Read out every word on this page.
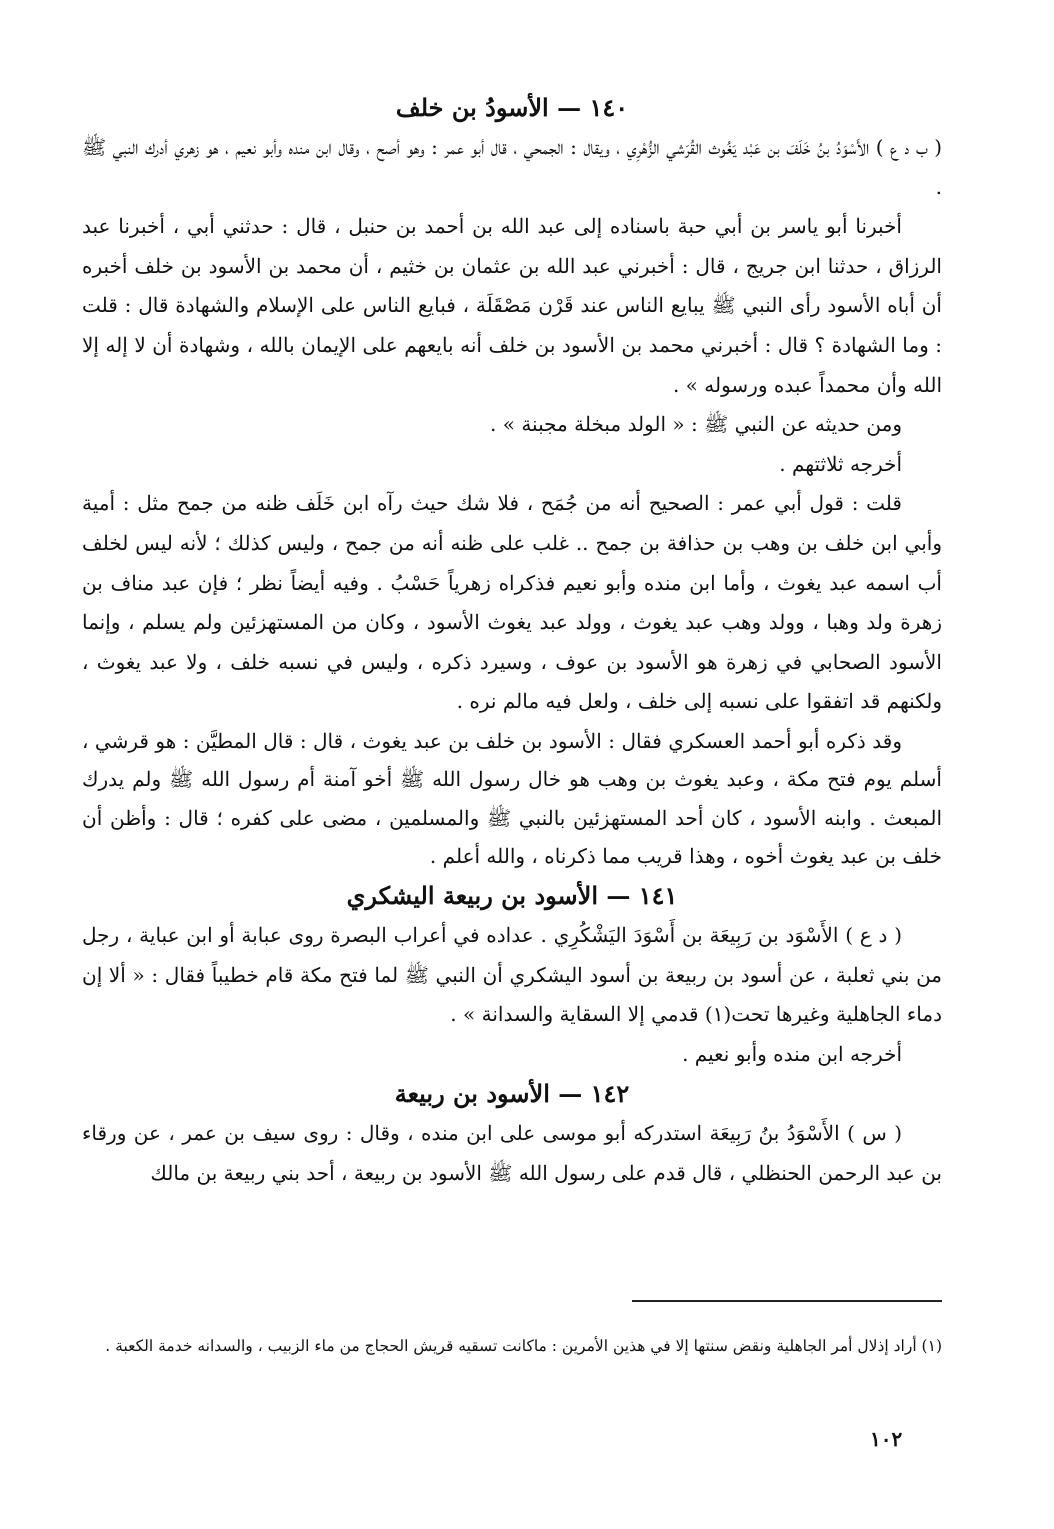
١٤٠ — الأسودُ بن خلف

( ب د ع ) الأَسْوَدُ بنُ خَلَفَ بن عَبْد يَغُوث القُرَشي الزُّهْرِي ، ويقال : الجمحي ، قال أبو عمر : وهو أصح ، وقال ابن منده وأبو نعيم ، هو زهري أدرك النبي ﷺ .

أخبرنا أبو ياسر بن أبي حبة باسناده إلى عبد الله بن أحمد بن حنبل ، قال : حدثني أبي ، أخبرنا عبد الرزاق ، حدثنا ابن جريج ، قال : أخبرني عبد الله بن عثمان بن خثيم ، أن محمد بن الأسود بن خلف أخبره أن أباه الأسود رأى النبي ﷺ يبايع الناس عند قَرْن مَصْقَلَة ، فبايع الناس على الإسلام والشهادة قال : قلت : وما الشهادة ؟ قال : أخبرني محمد بن الأسود بن خلف أنه بايعهم على الإيمان بالله ، وشهادة أن لا إله إلا الله وأن محمداً عبده ورسوله » .

ومن حديثه عن النبي ﷺ : « الولد مبخلة مجبنة » .

أخرجه ثلاثتهم .

قلت : قول أبي عمر : الصحيح أنه من جُمَح ، فلا شك حيث رآه ابن خَلَف ظنه من جمح مثل : أمية وأبي ابن خلف بن وهب بن حذافة بن جمح .. غلب على ظنه أنه من جمح ، وليس كذلك ؛ لأنه ليس لخلف أب اسمه عبد يغوث ، وأما ابن منده وأبو نعيم فذكراه زهرياً حَسْبُ . وفيه أيضاً نظر ؛ فإن عبد مناف بن زهرة ولد وهبا ، وولد وهب عبد يغوث ، وولد عبد يغوث الأسود ، وكان من المستهزئين ولم يسلم ، وإنما الأسود الصحابي في زهرة هو الأسود بن عوف ، وسيرد ذكره ، وليس في نسبه خلف ، ولا عبد يغوث ، ولكنهم قد اتفقوا على نسبه إلى خلف ، ولعل فيه مالم نره .

وقد ذكره أبو أحمد العسكري فقال : الأسود بن خلف بن عبد يغوث ، قال : قال المطيَّن : هو قرشي ، أسلم يوم فتح مكة ، وعبد يغوث بن وهب هو خال رسول الله ﷺ أخو آمنة أم رسول الله ﷺ ولم يدرك المبعث . وابنه الأسود ، كان أحد المستهزئين بالنبي ﷺ والمسلمين ، مضى على كفره ؛ قال : وأظن أن خلف بن عبد يغوث أخوه ، وهذا قريب مما ذكرناه ، والله أعلم .

١٤١ — الأسود بن ربيعة اليشكري

( د ع ) الأَسْوَد بن رَبِيعَة بن أَسْوَدَ اليَشْكُرِي . عداده في أعراب البصرة روى عبابة أو ابن عباية ، رجل من بني ثعلبة ، عن أسود بن ربيعة بن أسود اليشكري أن النبي ﷺ لما فتح مكة قام خطيباً فقال : « ألا إن دماء الجاهلية وغيرها تحت(١) قدمي إلا السقاية والسدانة » .

أخرجه ابن منده وأبو نعيم .

١٤٢ — الأسود بن ربيعة

( س ) الأَسْوَدُ بنُ رَبِيعَة استدركه أبو موسى على ابن منده ، وقال : روى سيف بن عمر ، عن ورقاء بن عبد الرحمن الحنظلي ، قال قدم على رسول الله ﷺ الأسود بن ربيعة ، أحد بني ربيعة بن مالك

(١) أراد إذلال أمر الجاهلية ونقض سنتها إلا في هذين الأمرين : ماكانت تسقيه قريش الحجاج من ماء الزبيب ، والسدانه خدمة الكعبة .

١٠٢
